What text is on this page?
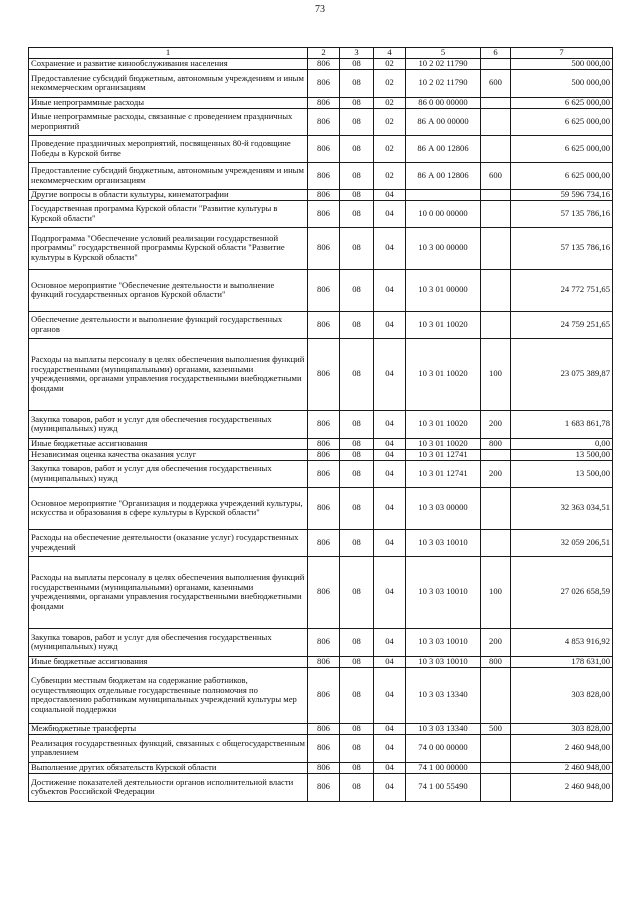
73
1	2	3	4	5	6	7
Сохранение и развитие кинообслуживания населения	806	08	02	10 2 02 11790		500 000,00
Предоставление субсидий бюджетным, автономным учреждениям и иным некоммерческим организациям	806	08	02	10 2 02 11790	600	500 000,00
Иные непрограммные расходы	806	08	02	86 0 00 00000		6 625 000,00
Иные непрограммные расходы, связанные с проведением праздничных мероприятий	806	08	02	86 А 00 00000		6 625 000,00
Проведение праздничных мероприятий, посвященных 80-й годовщине Победы в Курской битве	806	08	02	86 А 00 12806		6 625 000,00
Предоставление субсидий бюджетным, автономным учреждениям и иным некоммерческим организациям	806	08	02	86 А 00 12806	600	6 625 000,00
Другие вопросы в области культуры, кинематографии	806	08	04			59 596 734,16
Государственная программа Курской области "Развитие культуры в Курской области"	806	08	04	10 0 00 00000		57 135 786,16
Подпрограмма "Обеспечение условий реализации государственной программы" государственной программы Курской области "Развитие культуры в Курской области"	806	08	04	10 3 00 00000		57 135 786,16
Основное мероприятие "Обеспечение деятельности и выполнение функций государственных органов Курской области"	806	08	04	10 3 01 00000		24 772 751,65
Обеспечение деятельности и выполнение функций государственных органов	806	08	04	10 3 01 10020		24 759 251,65
Расходы на выплаты персоналу в целях обеспечения выполнения функций государственными (муниципальными) органами, казенными учреждениями, органами управления государственными внебюджетными фондами	806	08	04	10 3 01 10020	100	23 075 389,87
Закупка товаров, работ и услуг для обеспечения государственных (муниципальных) нужд	806	08	04	10 3 01 10020	200	1 683 861,78
Иные бюджетные ассигнования	806	08	04	10 3 01 10020	800	0,00
Независимая оценка качества оказания услуг	806	08	04	10 3 01 12741		13 500,00
Закупка товаров, работ и услуг для обеспечения государственных (муниципальных) нужд	806	08	04	10 3 01 12741	200	13 500,00
Основное мероприятие "Организация и поддержка учреждений культуры, искусства и образования в сфере культуры в Курской области"	806	08	04	10 3 03 00000		32 363 034,51
Расходы на обеспечение деятельности (оказание услуг) государственных учреждений	806	08	04	10 3 03 10010		32 059 206,51
Расходы на выплаты персоналу в целях обеспечения выполнения функций государственными (муниципальными) органами, казенными учреждениями, органами управления государственными внебюджетными фондами	806	08	04	10 3 03 10010	100	27 026 658,59
Закупка товаров, работ и услуг для обеспечения государственных (муниципальных) нужд	806	08	04	10 3 03 10010	200	4 853 916,92
Иные бюджетные ассигнования	806	08	04	10 3 03 10010	800	178 631,00
Субвенции местным бюджетам на содержание работников, осуществляющих отдельные государственные полномочия по предоставлению работникам муниципальных учреждений культуры мер социальной поддержки	806	08	04	10 3 03 13340		303 828,00
Межбюджетные трансферты	806	08	04	10 3 03 13340	500	303 828,00
Реализация государственных функций, связанных с общегосударственным управлением	806	08	04	74 0 00 00000		2 460 948,00
Выполнение других обязательств Курской области	806	08	04	74 1 00 00000		2 460 948,00
Достижение показателей деятельности органов исполнительной власти субъектов Российской Федерации	806	08	04	74 1 00 55490		2 460 948,00
